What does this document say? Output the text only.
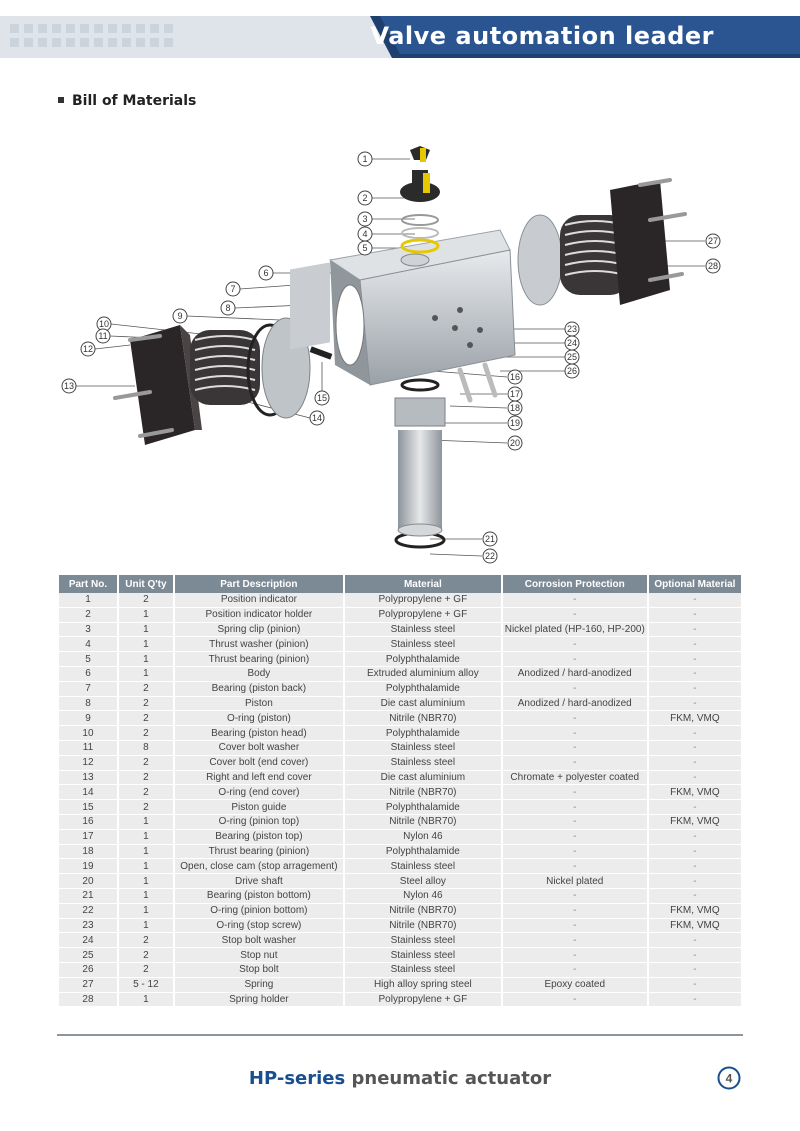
Valve automation leader
Bill of Materials
1
2
3
4
5
6
7
8
9
10
11
12
13
14
15
16
17
18
19
20
21
22
23
24
25
26
27
28
Part No.	Unit Q'ty	Part Description	Material	Corrosion Protection	Optional Material
1	2	Position indicator	Polypropylene + GF	-	-
2	1	Position indicator holder	Polypropylene + GF	-	-
3	1	Spring clip (pinion)	Stainless steel	Nickel plated (HP-160, HP-200)	-
4	1	Thrust washer (pinion)	Stainless steel	-	-
5	1	Thrust bearing (pinion)	Polyphthalamide	-	-
6	1	Body	Extruded aluminium alloy	Anodized / hard-anodized	-
7	2	Bearing (piston back)	Polyphthalamide	-	-
8	2	Piston	Die cast aluminium	Anodized / hard-anodized	-
9	2	O-ring (piston)	Nitrile (NBR70)	-	FKM, VMQ
10	2	Bearing (piston head)	Polyphthalamide	-	-
11	8	Cover bolt washer	Stainless steel	-	-
12	2	Cover bolt (end cover)	Stainless steel	-	-
13	2	Right and left end cover	Die cast aluminium	Chromate + polyester coated	-
14	2	O-ring (end cover)	Nitrile (NBR70)	-	FKM, VMQ
15	2	Piston guide	Polyphthalamide	-	-
16	1	O-ring (pinion top)	Nitrile (NBR70)	-	FKM, VMQ
17	1	Bearing (piston top)	Nylon 46	-	-
18	1	Thrust bearing (pinion)	Polyphthalamide	-	-
19	1	Open, close cam (stop arragement)	Stainless steel	-	-
20	1	Drive shaft	Steel alloy	Nickel plated	-
21	1	Bearing (piston bottom)	Nylon 46	-	-
22	1	O-ring (pinion bottom)	Nitrile (NBR70)	-	FKM, VMQ
23	1	O-ring (stop screw)	Nitrile (NBR70)	-	FKM, VMQ
24	2	Stop bolt washer	Stainless steel	-	-
25	2	Stop nut	Stainless steel	-	-
26	2	Stop bolt	Stainless steel	-	-
27	5 - 12	Spring	High alloy spring steel	Epoxy coated	-
28	1	Spring holder	Polypropylene + GF	-	-
HP-series pneumatic actuator	4
